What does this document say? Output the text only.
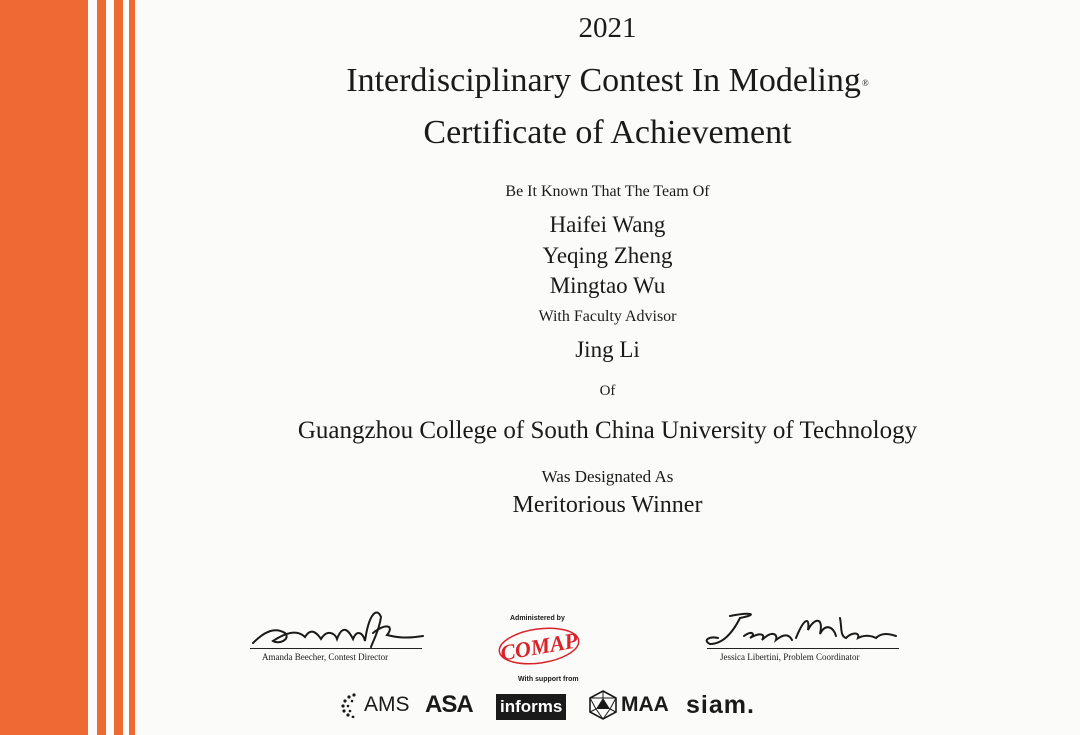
2021
Interdisciplinary Contest In Modeling®
Certificate of Achievement
Be It Known That The Team Of
Haifei Wang
Yeqing Zheng
Mingtao Wu
With Faculty Advisor
Jing Li
Of
Guangzhou College of South China University of Technology
Was Designated As
Meritorious Winner
Amanda Beecher, Contest Director	Jessica Libertini, Problem Coordinator
Administered by
COMAP
With support from
AMS ASA informs	MAA siam.
